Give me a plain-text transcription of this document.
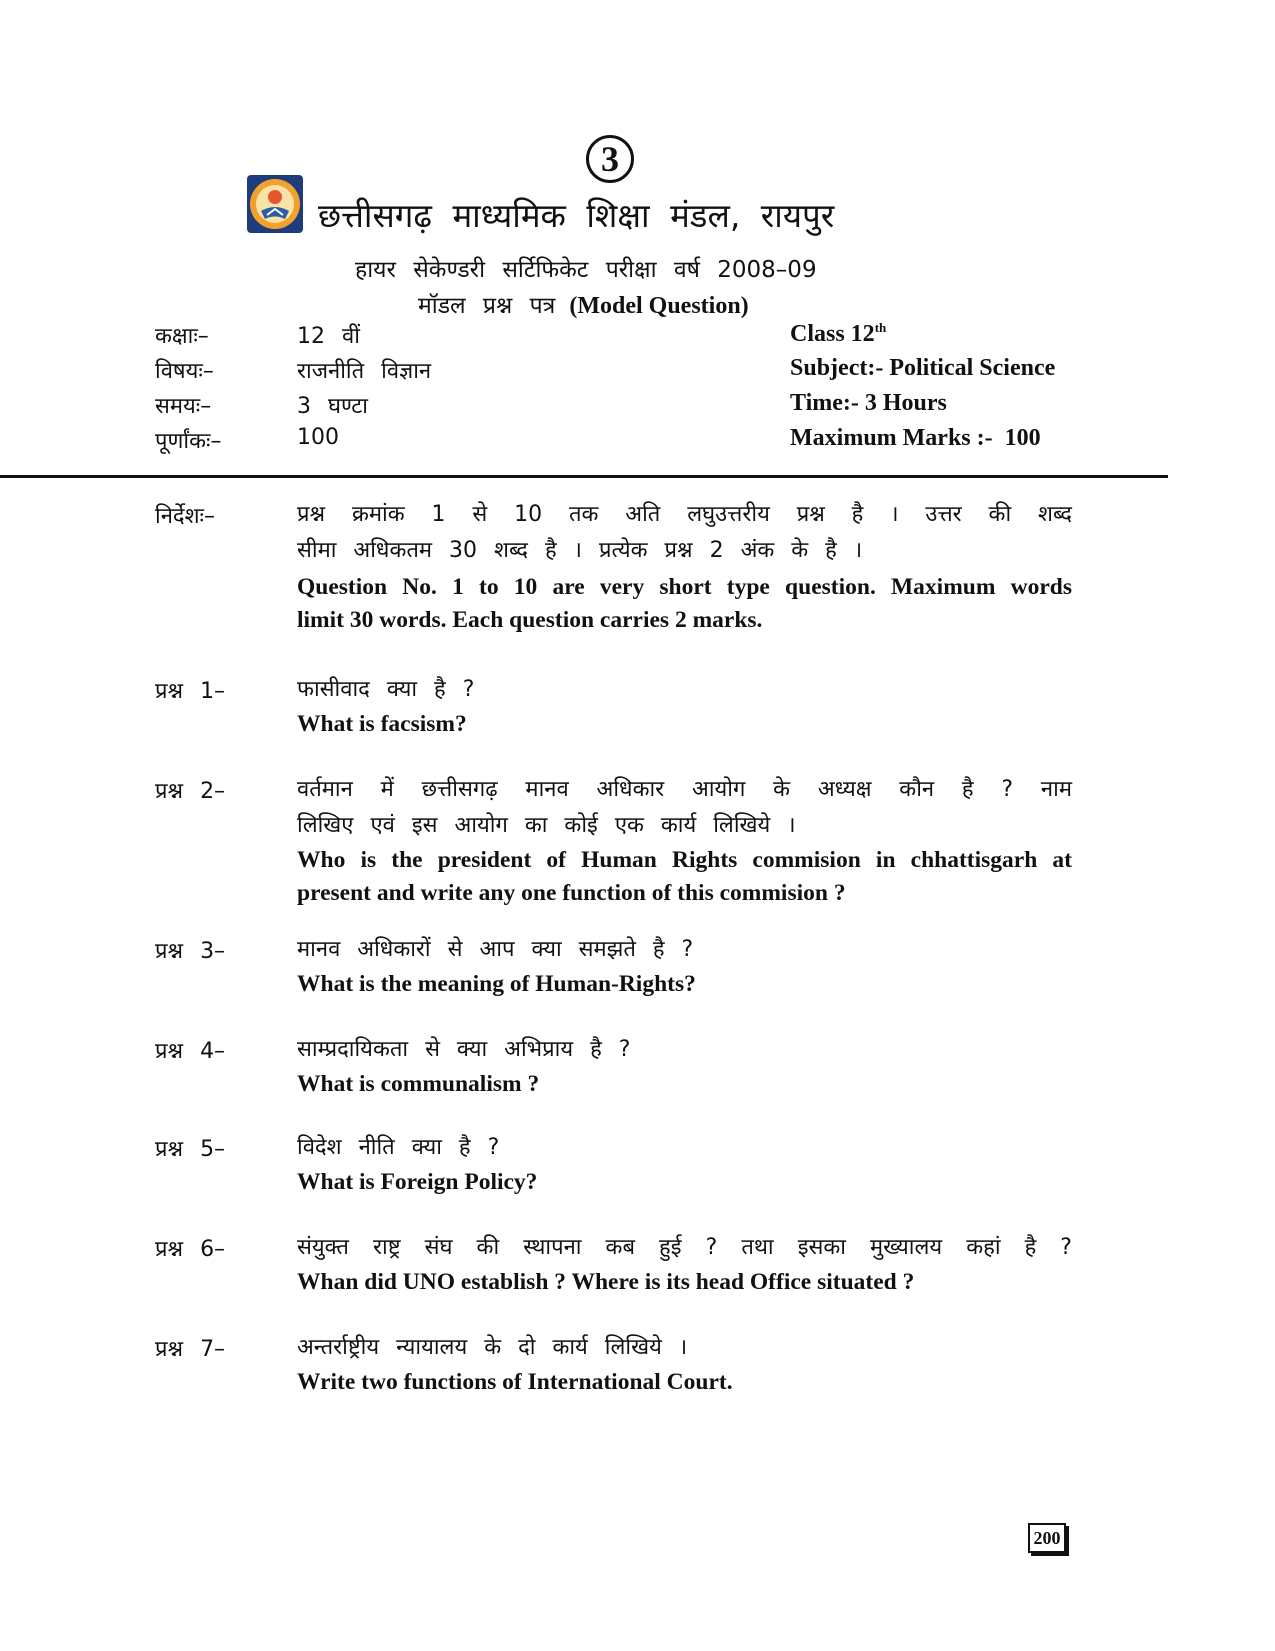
3
छत्तीसगढ़ माध्यमिक शिक्षा मंडल, रायपुर
हायर सेकेण्डरी सर्टिफिकेट परीक्षा वर्ष 2008–09
मॉडल प्रश्न पत्र (Model Question)
कक्षाः–	12 वीं	Class 12th
विषयः–	राजनीति विज्ञान	Subject:- Political Science
समयः–	3 घण्टा	Time:- 3 Hours
पूर्णांकः–	100	Maximum Marks :-  100
निर्देशः–	प्रश्न क्रमांक 1 से 10 तक अति लघुउत्तरीय प्रश्न है । उत्तर की शब्द
सीमा अधिकतम 30 शब्द है । प्रत्येक प्रश्न 2 अंक के है ।
Question No. 1 to 10 are very short type question. Maximum words
limit 30 words. Each question carries 2 marks.
प्रश्न 1–	फासीवाद क्या है ?
What is facsism?
प्रश्न 2–	वर्तमान में छत्तीसगढ़ मानव अधिकार आयोग के अध्यक्ष कौन है ? नाम
लिखिए एवं इस आयोग का कोई एक कार्य लिखिये ।
Who is the president of Human Rights commision in chhattisgarh at
present and write any one function of this commision ?
प्रश्न 3–	मानव अधिकारों से आप क्या समझते है ?
What is the meaning of Human-Rights?
प्रश्न 4–	साम्प्रदायिकता से क्या अभिप्राय है ?
What is communalism ?
प्रश्न 5–	विदेश नीति क्या है ?
What is Foreign Policy?
प्रश्न 6–	संयुक्त राष्ट्र संघ की स्थापना कब हुई ? तथा इसका मुख्यालय कहां है ?
Whan did UNO establish ? Where is its head Office situated ?
प्रश्न 7–	अन्तर्राष्ट्रीय न्यायालय के दो कार्य लिखिये ।
Write two functions of International Court.
200
